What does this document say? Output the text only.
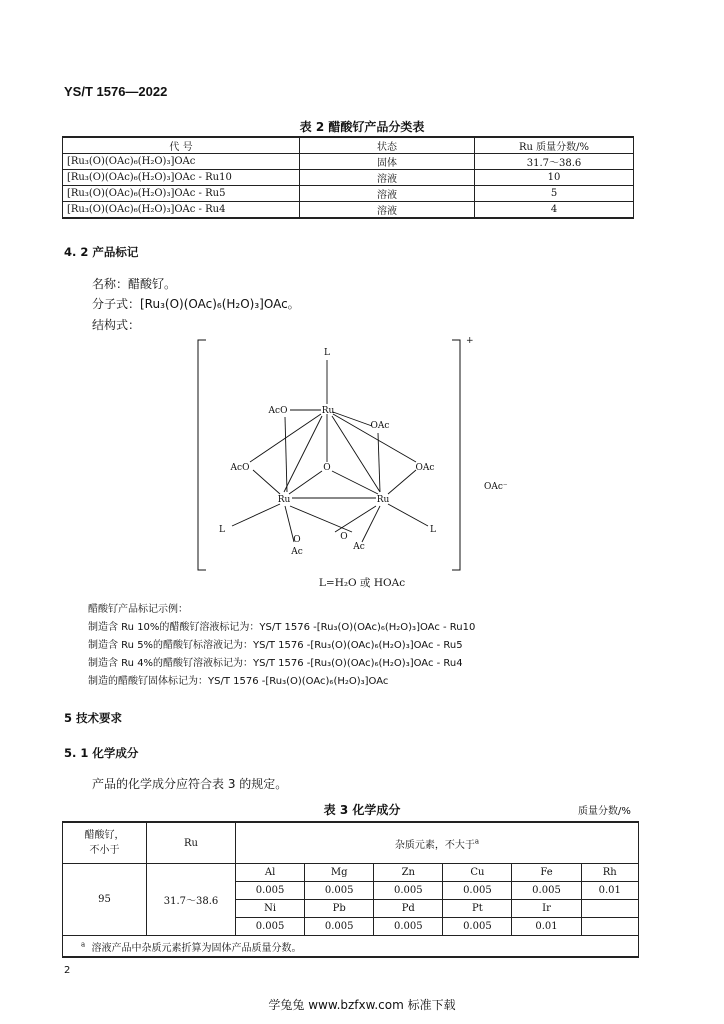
YS/T 1576—2022
表 2 醋酸钌产品分类表
代 号	状态	Ru 质量分数/%
[Ru₃(O)(OAc)₆(H₂O)₃]OAc	固体	31.7～38.6
[Ru₃(O)(OAc)₆(H₂O)₃]OAc - Ru10	溶液	10
[Ru₃(O)(OAc)₆(H₂O)₃]OAc - Ru5	溶液	5
[Ru₃(O)(OAc)₆(H₂O)₃]OAc - Ru4	溶液	4
4. 2 产品标记
名称：醋酸钌。
分子式：[Ru₃(O)(OAc)₆(H₂O)₃]OAc。
结构式：
L
AcO	Ru
OAc
AcO	O	OAc
Ru	Ru
L	L
O
O
Ac	Ac
+
OAc⁻
L=H₂O 或 HOAc
醋酸钌产品标记示例：
制造含 Ru 10%的醋酸钌溶液标记为：YS/T 1576 -[Ru₃(O)(OAc)₆(H₂O)₃]OAc - Ru10
制造含 Ru 5%的醋酸钌标溶液记为：YS/T 1576 -[Ru₃(O)(OAc)₆(H₂O)₃]OAc - Ru5
制造含 Ru 4%的醋酸钌溶液标记为：YS/T 1576 -[Ru₃(O)(OAc)₆(H₂O)₃]OAc - Ru4
制造的醋酸钌固体标记为：YS/T 1576 -[Ru₃(O)(OAc)₆(H₂O)₃]OAc
5 技术要求
5. 1 化学成分
产品的化学成分应符合表 3 的规定。
表 3 化学成分	质量分数/%
醋酸钌，
不小于	Ru	杂质元素，不大于$^a$
95	31.7～38.6	Al	Mg	Zn	Cu	Fe	Rh
		0.005	0.005	0.005	0.005	0.005	0.01
		Ni	Pb	Pd	Pt	Ir	
		0.005	0.005	0.005	0.005	0.01	
$^a$ 溶液产品中杂质元素折算为固体产品质量分数。							
2
学兔兔 www.bzfxw.com 标准下载
